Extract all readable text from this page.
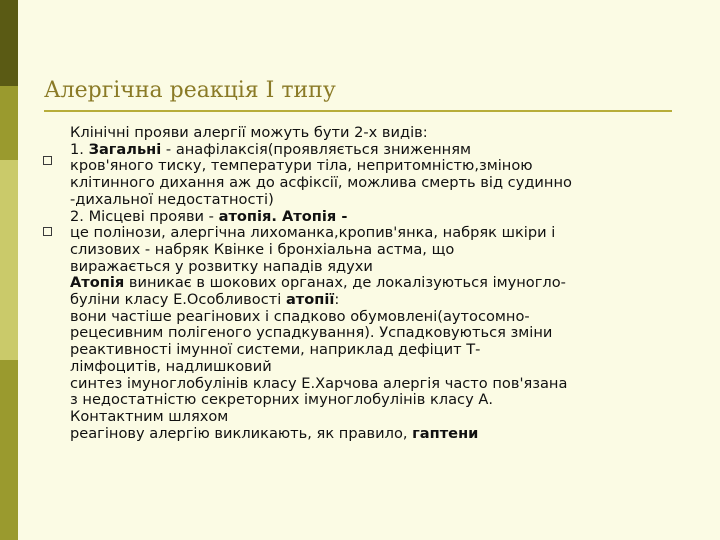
Алергічна реакція І типу
Клінічні прояви алергії можуть бути 2-х видів:
1. Загальні - анафілаксія(проявляється зниженням
кров'яного тиску, температури тіла, непритомністю,зміною
клітинного дихання аж до асфіксії, можлива смерть від судинно
-дихальної недостатності)
2. Місцеві прояви - атопія. Атопія -
це полінози, алергічна лихоманка,кропив'янка, набряк шкіри і
слизових - набряк Квінке і бронхіальна астма, що
виражається у розвитку нападів ядухи
Атопія виникає в шокових органах, де локалізуються імуногло-
буліни класу Е.Особливості атопії:
вони частіше реагінових і спадково обумовлені(аутосомно-
рецесивним полігеного успадкування). Успадковуються зміни
реактивності імунної системи, наприклад дефіцит Т-
лімфоцитів, надлишковий
синтез імуноглобулінів класу Е.Харчова алергія часто пов'язана
з недостатністю секреторних імуноглобулінів класу А.
Контактним шляхом
реагінову алергію викликають, як правило, гаптени
